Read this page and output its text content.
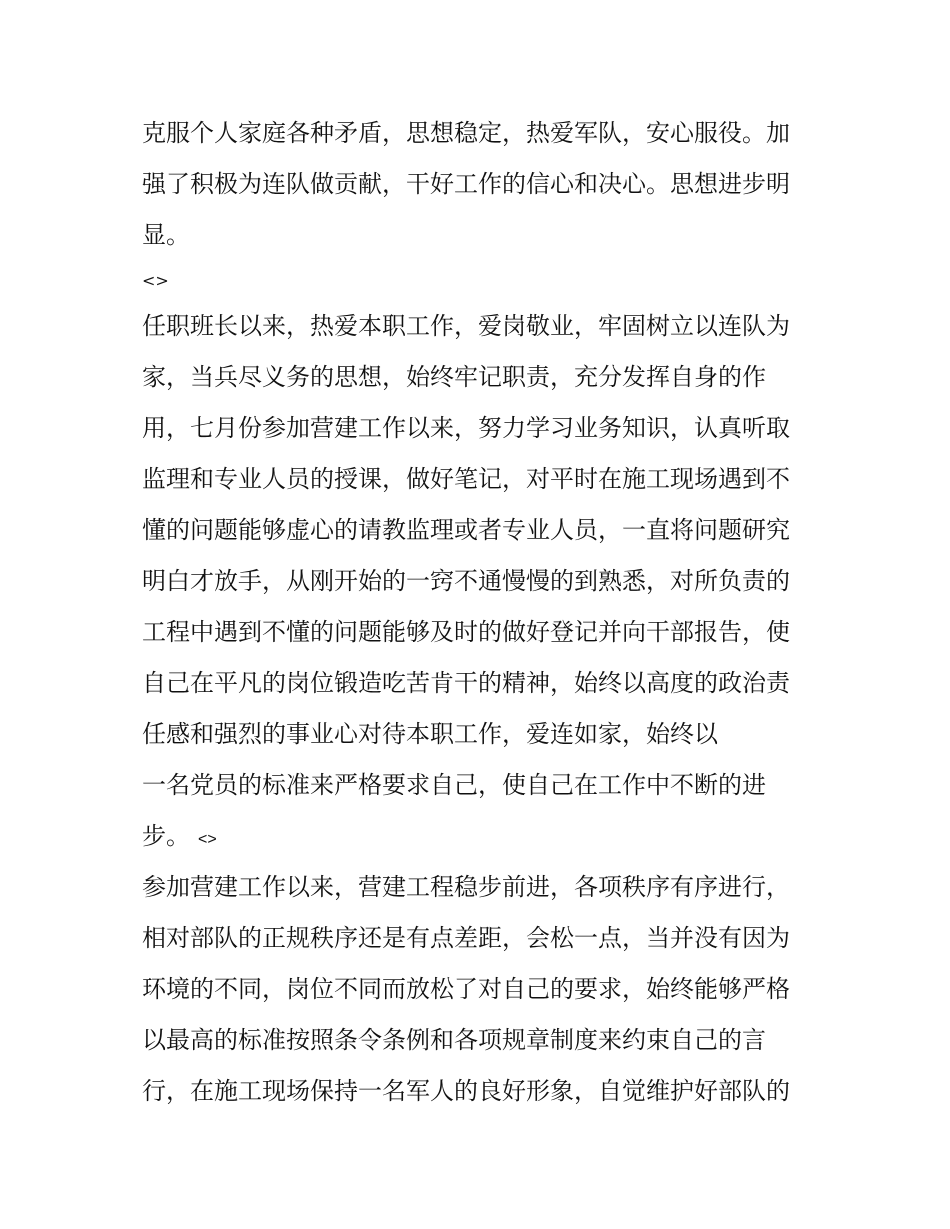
克服个人家庭各种矛盾，思想稳定，热爱军队，安心服役。加
强了积极为连队做贡献，干好工作的信心和决心。思想进步明
显。
<>
任职班长以来，热爱本职工作，爱岗敬业，牢固树立以连队为
家，当兵尽义务的思想，始终牢记职责，充分发挥自身的作
用，七月份参加营建工作以来，努力学习业务知识，认真听取
监理和专业人员的授课，做好笔记，对平时在施工现场遇到不
懂的问题能够虚心的请教监理或者专业人员，一直将问题研究
明白才放手，从刚开始的一窍不通慢慢的到熟悉，对所负责的
工程中遇到不懂的问题能够及时的做好登记并向干部报告，使
自己在平凡的岗位锻造吃苦肯干的精神，始终以高度的政治责
任感和强烈的事业心对待本职工作，爱连如家，始终以
一名党员的标准来严格要求自己，使自己在工作中不断的进
步。 <>
参加营建工作以来，营建工程稳步前进，各项秩序有序进行，
相对部队的正规秩序还是有点差距，会松一点，当并没有因为
环境的不同，岗位不同而放松了对自己的要求，始终能够严格
以最高的标准按照条令条例和各项规章制度来约束自己的言
行，在施工现场保持一名军人的良好形象，自觉维护好部队的
